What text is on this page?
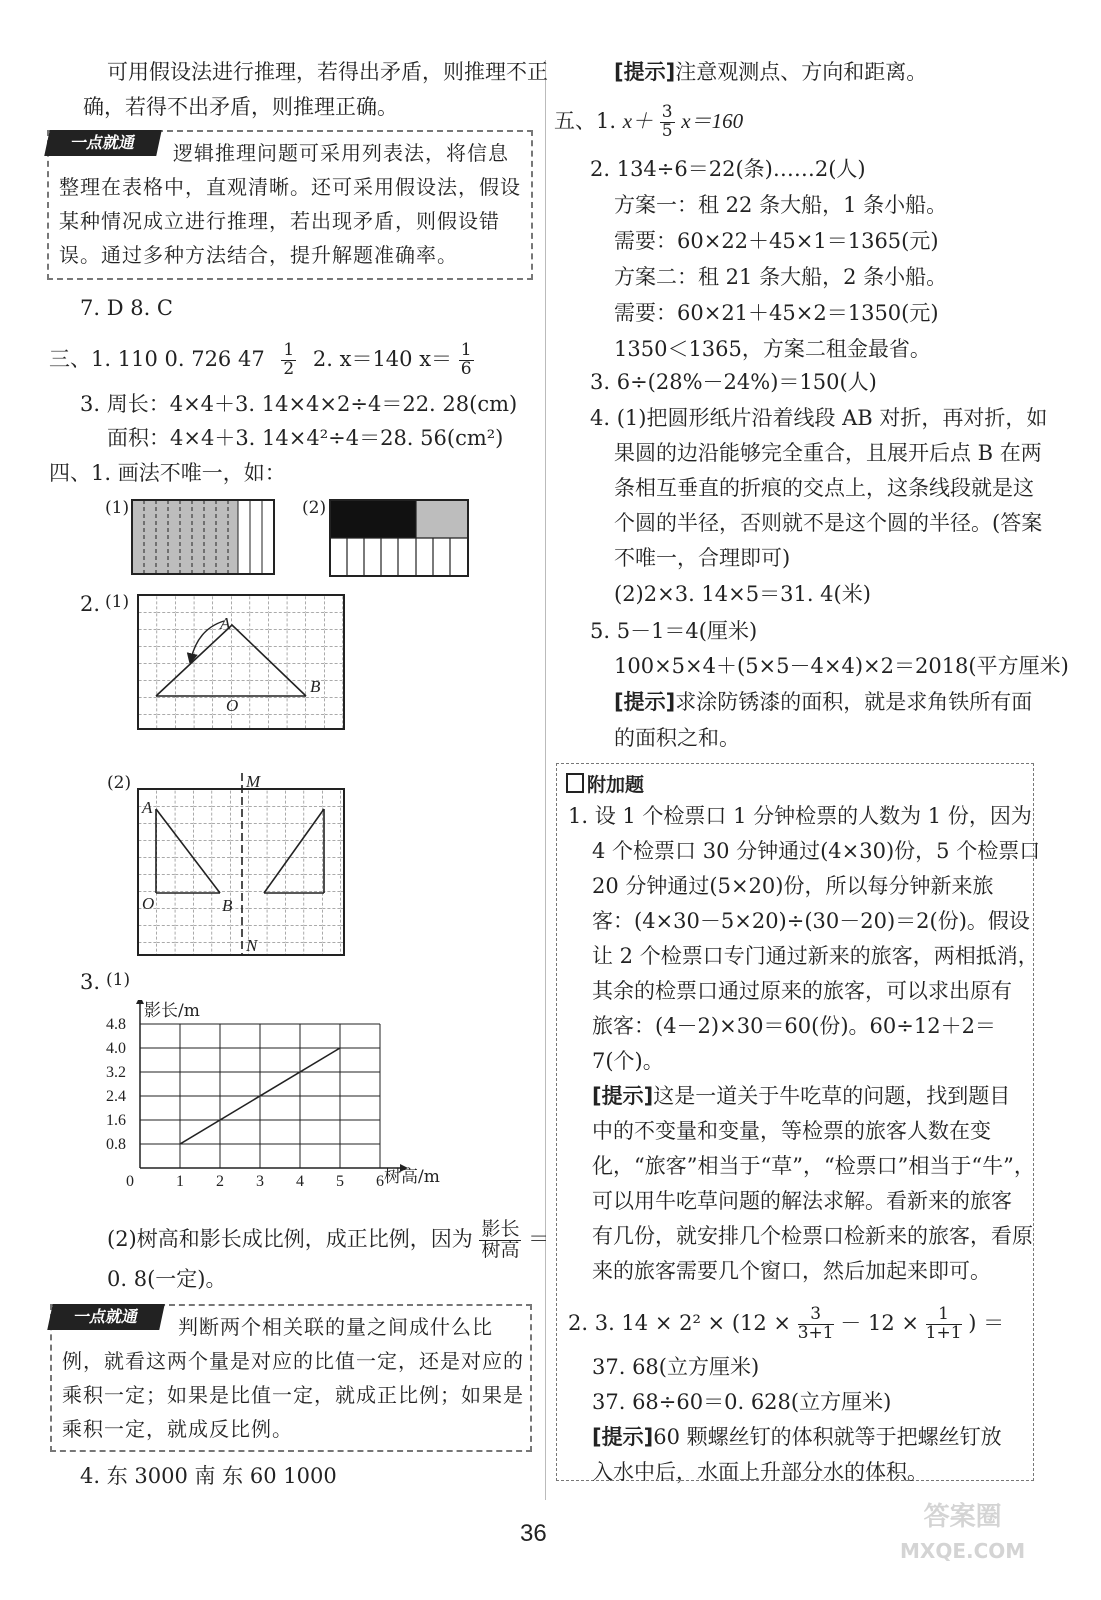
可用假设法进行推理，若得出矛盾，则推理不正
确，若得不出矛盾，则推理正确。
一点就通	逻辑推理问题可采用列表法，将信息
整理在表格中，直观清晰。还可采用假设法，假设
某种情况成立进行推理，若出现矛盾，则假设错
误。通过多种方法结合，提升解题准确率。
7. D 8. C
三、1. 110 0. 726 $47 \frac{1}{2} 2$. x＝140 $x= \frac{1}{6}$
3. 周长：4×4＋3. 14×4×2÷4＝22. 28(cm)
面积：4×4＋3. 14×4²÷4＝28. 56(cm²)
四、1. 画法不唯一，如：
(1)	(2)
2. (1)
A
B
O
(2)	M
A
O	B
N
3. (1)
0	1 2 3 4 5 6
0.8
1.6
2.4
3.2
4.0
4.8
树高/m
影长/m
(2)树高和影长成比例，成正比例，因为 $\frac{\text{影长}}{\text{树高}}$ ＝
0. 8(一定)。
一点就通	判断两个相关联的量之间成什么比
例，就看这两个量是对应的比值一定，还是对应的
乘积一定；如果是比值一定，就成正比例；如果是
乘积一定，就成反比例。
4. 东 3000 南 东 60 1000
[提示]注意观测点、方向和距离。
五、1. $x+ \frac{3}{5} x=160$
2. 134÷6＝22(条)……2(人)
方案一：租 22 条大船，1 条小船。
需要：60×22＋45×1＝1365(元)
方案二：租 21 条大船，2 条小船。
需要：60×21＋45×2＝1350(元)
1350＜1365，方案二租金最省。
3. 6÷(28%－24%)＝150(人)
4. (1)把圆形纸片沿着线段 AB 对折，再对折，如
果圆的边沿能够完全重合，且展开后点 B 在两
条相互垂直的折痕的交点上，这条线段就是这
个圆的半径，否则就不是这个圆的半径。(答案
不唯一，合理即可)
(2)2×3. 14×5＝31. 4(米)
5. 5－1＝4(厘米)
100×5×4＋(5×5－4×4)×2＝2018(平方厘米)
[提示]求涂防锈漆的面积，就是求角铁所有面
的面积之和。
附加题
1. 设 1 个检票口 1 分钟检票的人数为 1 份，因为
4 个检票口 30 分钟通过(4×30)份，5 个检票口
20 分钟通过(5×20)份，所以每分钟新来旅
客：(4×30－5×20)÷(30－20)＝2(份)。假设
让 2 个检票口专门通过新来的旅客，两相抵消，
其余的检票口通过原来的旅客，可以求出原有
旅客：(4－2)×30＝60(份)。60÷12＋2＝
7(个)。
[提示]这是一道关于牛吃草的问题，找到题目
中的不变量和变量，等检票的旅客人数在变
化，“旅客”相当于“草”，“检票口”相当于“牛”，
可以用牛吃草问题的解法求解。看新来的旅客
有几份，就安排几个检票口检新来的旅客，看原
来的旅客需要几个窗口，然后加起来即可。
2. 3. $14 \times 2^2 \times (12 \times \frac{3}{3+1} - 12 \times \frac{1}{1+1}$ ) ＝
37. 68(立方厘米)
37. 68÷60＝0. 628(立方厘米)
[提示]60 颗螺丝钉的体积就等于把螺丝钉放
入水中后，水面上升部分水的体积。
36
答案圈
MXQE.COM
